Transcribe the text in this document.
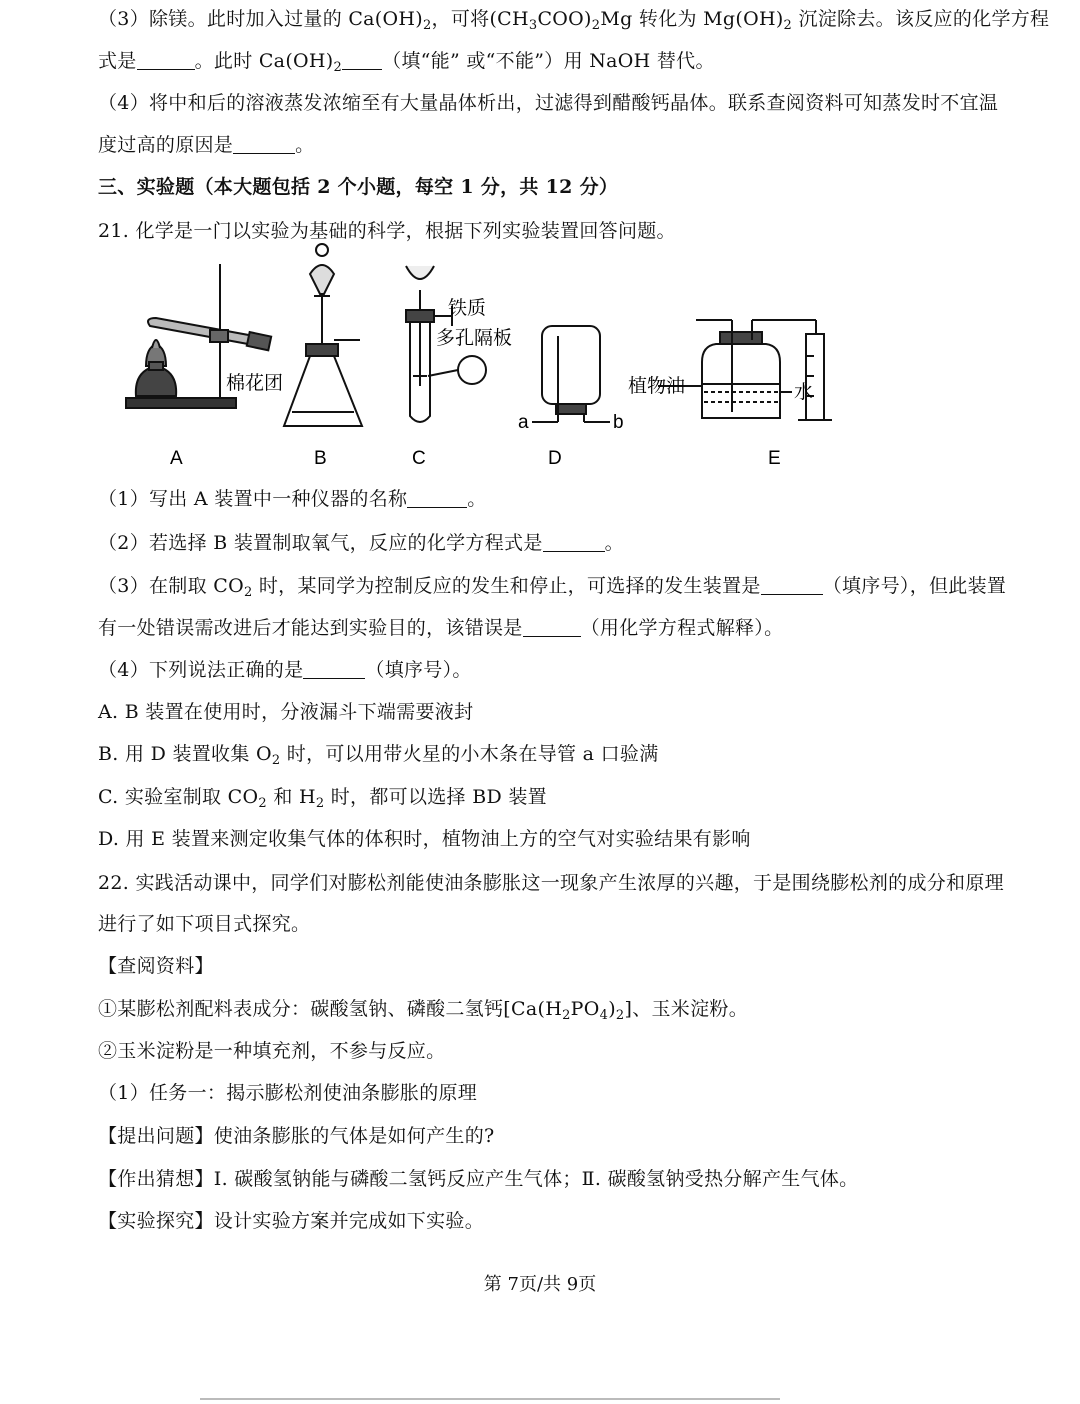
（3）除镁。此时加入过量的 $Ca(OH)_2$，可将$(CH_3COO)_2Mg$ 转化为 $Mg(OH)_2$ 沉淀除去。该反应的化学方程
式是	。此时 $Ca(OH)_2$ （填“能” 或“不能”）用 NaOH 替代。
（4）将中和后的溶液蒸发浓缩至有大量晶体析出，过滤得到醋酸钙晶体。联系查阅资料可知蒸发时不宜温
度过高的原因是	。
三、实验题（本大题包括 2 个小题，每空 1 分，共 12 分）
21. 化学是一门以实验为基础的科学，根据下列实验装置回答问题。
棉花团
A	B
铁质
多孔隔板
C
a	b
D
植物油	水
E
（1）写出 A 装置中一种仪器的名称	。
（2）若选择 B 装置制取氧气，反应的化学方程式是	。
（3）在制取 $CO_2$ 时，某同学为控制反应的发生和停止，可选择的发生装置是	（填序号），但此装置
有一处错误需改进后才能达到实验目的，该错误是	（用化学方程式解释）。
（4）下列说法正确的是	（填序号）。
A. B 装置在使用时，分液漏斗下端需要液封
B. 用 D 装置收集 $O_2$ 时，可以用带火星的小木条在导管 a 口验满
C. 实验室制取 $CO_2$ 和 $H_2$ 时，都可以选择 BD 装置
D. 用 E 装置来测定收集气体的体积时，植物油上方的空气对实验结果有影响
22. 实践活动课中，同学们对膨松剂能使油条膨胀这一现象产生浓厚的兴趣，于是围绕膨松剂的成分和原理
进行了如下项目式探究。
【查阅资料】
①某膨松剂配料表成分：碳酸氢钠、磷酸二氢钙$[Ca(H_2PO_4)_2]$、玉米淀粉。
②玉米淀粉是一种填充剂，不参与反应。
（1）任务一：揭示膨松剂使油条膨胀的原理
【提出问题】使油条膨胀的气体是如何产生的?
【作出猜想】Ⅰ. 碳酸氢钠能与磷酸二氢钙反应产生气体；Ⅱ. 碳酸氢钠受热分解产生气体。
【实验探究】设计实验方案并完成如下实验。
第 7页/共 9页
